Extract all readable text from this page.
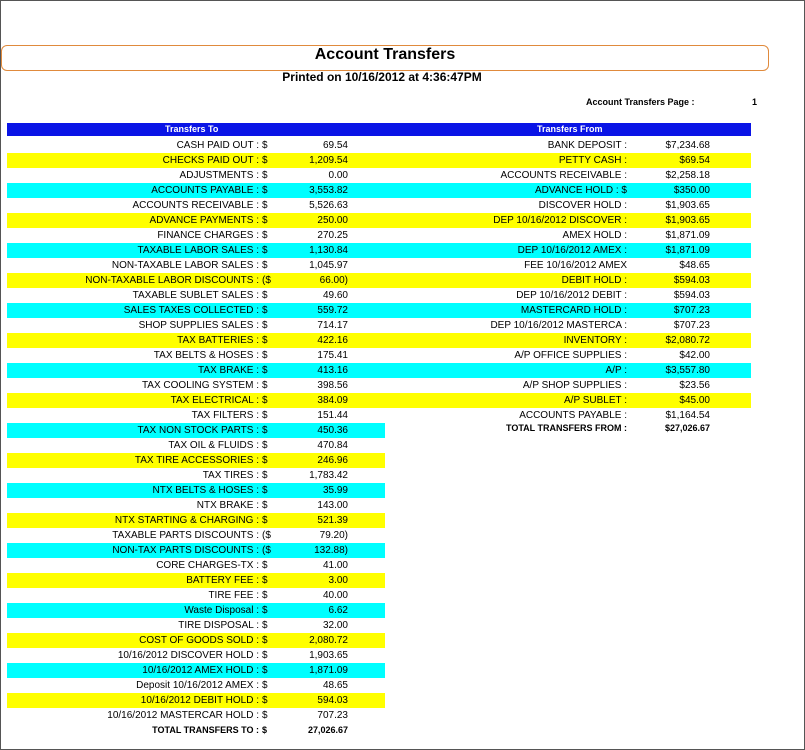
Account Transfers
Printed on 10/16/2012 at 4:36:47PM
Account Transfers Page :	1
Transfers To	Transfers From
CASH PAID OUT : $	69.54
CHECKS PAID OUT : $	1,209.54
ADJUSTMENTS : $	0.00
ACCOUNTS PAYABLE : $	3,553.82
ACCOUNTS RECEIVABLE : $	5,526.63
ADVANCE PAYMENTS : $	250.00
FINANCE CHARGES : $	270.25
TAXABLE LABOR SALES : $	1,130.84
NON-TAXABLE LABOR SALES : $	1,045.97
NON-TAXABLE LABOR DISCOUNTS : ($	66.00)
TAXABLE SUBLET SALES : $	49.60
SALES TAXES COLLECTED : $	559.72
SHOP SUPPLIES SALES : $	714.17
TAX BATTERIES : $	422.16
TAX BELTS & HOSES : $	175.41
TAX BRAKE : $	413.16
TAX COOLING SYSTEM : $	398.56
TAX ELECTRICAL : $	384.09
TAX FILTERS : $	151.44
TAX NON STOCK PARTS : $	450.36
TAX OIL & FLUIDS : $	470.84
TAX TIRE ACCESSORIES : $	246.96
TAX TIRES : $	1,783.42
NTX BELTS & HOSES : $	35.99
NTX BRAKE : $	143.00
NTX STARTING & CHARGING : $	521.39
TAXABLE PARTS DISCOUNTS : ($	79.20)
NON-TAX PARTS DISCOUNTS : ($	132.88)
CORE CHARGES-TX : $	41.00
BATTERY FEE : $	3.00
TIRE FEE : $	40.00
Waste Disposal : $	6.62
TIRE DISPOSAL : $	32.00
COST OF GOODS SOLD : $	2,080.72
10/16/2012 DISCOVER HOLD : $	1,903.65
10/16/2012 AMEX HOLD : $	1,871.09
Deposit 10/16/2012 AMEX : $	48.65
10/16/2012 DEBIT HOLD : $	594.03
10/16/2012 MASTERCAR HOLD : $	707.23
TOTAL TRANSFERS TO : $	27,026.67
BANK DEPOSIT :	$7,234.68
PETTY CASH :	$69.54
ACCOUNTS RECEIVABLE :	$2,258.18
ADVANCE HOLD : $	$350.00
DISCOVER HOLD :	$1,903.65
DEP 10/16/2012 DISCOVER :	$1,903.65
AMEX HOLD :	$1,871.09
DEP 10/16/2012 AMEX :	$1,871.09
FEE 10/16/2012 AMEX	$48.65
DEBIT HOLD :	$594.03
DEP 10/16/2012 DEBIT :	$594.03
MASTERCARD HOLD :	$707.23
DEP 10/16/2012 MASTERCA :	$707.23
INVENTORY :	$2,080.72
A/P OFFICE SUPPLIES :	$42.00
A/P :	$3,557.80
A/P SHOP SUPPLIES :	$23.56
A/P SUBLET :	$45.00
ACCOUNTS PAYABLE :	$1,164.54
TOTAL TRANSFERS FROM :	$27,026.67
